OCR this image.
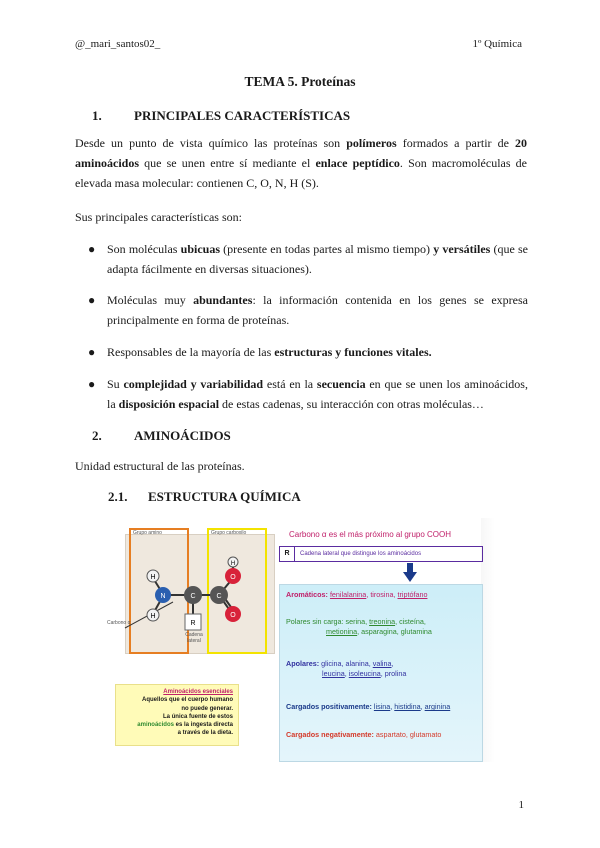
@_mari_santos02_	1º Química
TEMA 5. Proteínas
1. PRINCIPALES CARACTERÍSTICAS
Desde un punto de vista químico las proteínas son polímeros formados a partir de 20 aminoácidos que se unen entre sí mediante el enlace peptídico. Son macromoléculas de elevada masa molecular: contienen C, O, N, H (S).
Sus principales características son:
● Son moléculas ubicuas (presente en todas partes al mismo tiempo) y versátiles (que se adapta fácilmente en diversas situaciones).
● Moléculas muy abundantes: la información contenida en los genes se expresa principalmente en forma de proteínas.
● Responsables de la mayoría de las estructuras y funciones vitales.
● Su complejidad y variabilidad está en la secuencia en que se unen los aminoácidos, la disposición espacial de estas cadenas, su interacción con otras moléculas…
2. AMINOÁCIDOS
Unidad estructural de las proteínas.
2.1. ESTRUCTURA QUÍMICA
Grupo amino	Grupo carboxilo
Carbono α
Cadena lateral
H
H
N	C	C
O
O
H
R
Carbono α es el más próximo al grupo COOH
R	Cadena lateral que distingue los aminoácidos
Aromáticos: fenilalanina, tirosina, triptófano
Polares sin carga: serina, treonina, cisteína,
metionina, asparagina, glutamina
Apolares: glicina, alanina, valina,
leucina, isoleucina, prolina
Cargados positivamente: lisina, histidina, arginina
Cargados negativamente: aspartato, glutamato
Aminoácidos esenciales
Aquellos que el cuerpo humano
no puede generar.
La única fuente de estos
aminoácidos es la ingesta directa
a través de la dieta.
1
